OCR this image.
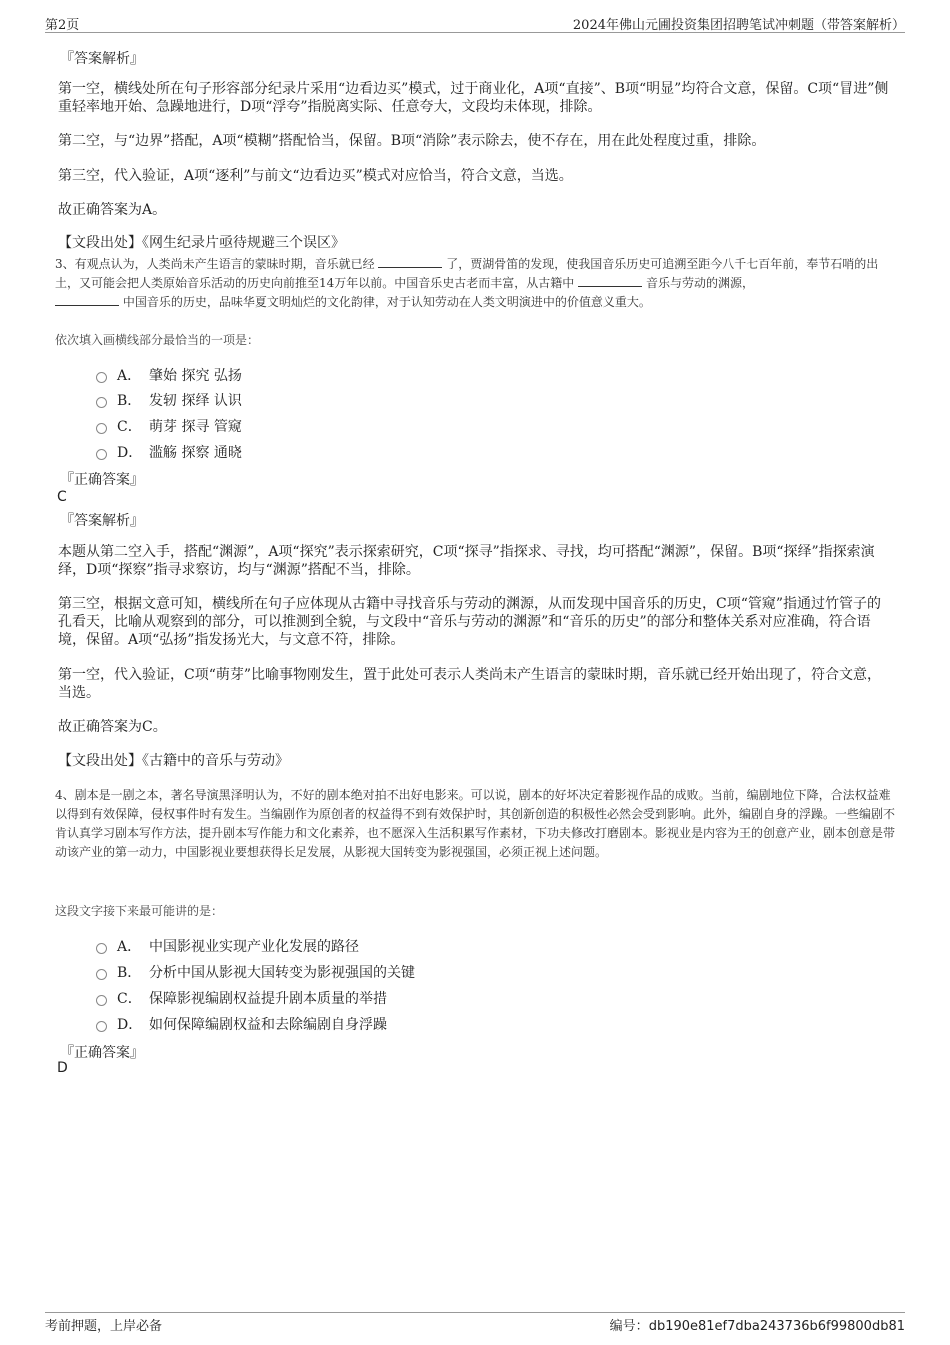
第2页	2024年佛山元圃投资集团招聘笔试冲刺题（带答案解析）
『答案解析』
第一空，横线处所在句子形容部分纪录片采用“边看边买”模式，过于商业化，A项“直接”、B项“明显”均符合文意，保留。C项“冒进”侧重轻率地开始、急躁地进行，D项“浮夸”指脱离实际、任意夸大，文段均未体现，排除。
第二空，与“边界”搭配，A项“模糊”搭配恰当，保留。B项“消除”表示除去，使不存在，用在此处程度过重，排除。
第三空，代入验证，A项“逐利”与前文“边看边买”模式对应恰当，符合文意，当选。
故正确答案为A。
【文段出处】《网生纪录片亟待规避三个误区》
3、有观点认为，人类尚未产生语言的蒙昧时期，音乐就已经	了，贾湖骨笛的发现，使我国音乐历史可追溯至距今八千七百年前，奉节石哨的出土，又可能会把人类原始音乐活动的历史向前推至14万年以前。中国音乐史古老而丰富，从古籍中	音乐与劳动的渊源，
中国音乐的历史，品味华夏文明灿烂的文化韵律，对于认知劳动在人类文明演进中的价值意义重大。
依次填入画横线部分最恰当的一项是：
A． 肇始 探究 弘扬
B． 发轫 探绎 认识
C． 萌芽 探寻 管窥
D． 滥觞 探察 通晓
『正确答案』
C
『答案解析』
本题从第二空入手，搭配“渊源”，A项“探究”表示探索研究，C项“探寻”指探求、寻找，均可搭配“渊源”，保留。B项“探绎”指探索演绎，D项“探察”指寻求察访，均与“渊源”搭配不当，排除。
第三空，根据文意可知，横线所在句子应体现从古籍中寻找音乐与劳动的渊源，从而发现中国音乐的历史，C项“管窥”指通过竹管子的孔看天，比喻从观察到的部分，可以推测到全貌，与文段中“音乐与劳动的渊源”和“音乐的历史”的部分和整体关系对应准确，符合语境，保留。A项“弘扬”指发扬光大，与文意不符，排除。
第一空，代入验证，C项“萌芽”比喻事物刚发生，置于此处可表示人类尚未产生语言的蒙昧时期，音乐就已经开始出现了，符合文意，当选。
故正确答案为C。
【文段出处】《古籍中的音乐与劳动》
4、剧本是一剧之本，著名导演黑泽明认为，不好的剧本绝对拍不出好电影来。可以说，剧本的好坏决定着影视作品的成败。当前，编剧地位下降，合法权益难以得到有效保障，侵权事件时有发生。当编剧作为原创者的权益得不到有效保护时，其创新创造的积极性必然会受到影响。此外，编剧自身的浮躁。一些编剧不肯认真学习剧本写作方法，提升剧本写作能力和文化素养，也不愿深入生活积累写作素材，下功夫修改打磨剧本。影视业是内容为王的创意产业，剧本创意是带动该产业的第一动力，中国影视业要想获得长足发展，从影视大国转变为影视强国，必须正视上述问题。
这段文字接下来最可能讲的是：
A． 中国影视业实现产业化发展的路径
B． 分析中国从影视大国转变为影视强国的关键
C． 保障影视编剧权益提升剧本质量的举措
D． 如何保障编剧权益和去除编剧自身浮躁
『正确答案』
D
考前押题，上岸必备	编号：db190e81ef7dba243736b6f99800db81
